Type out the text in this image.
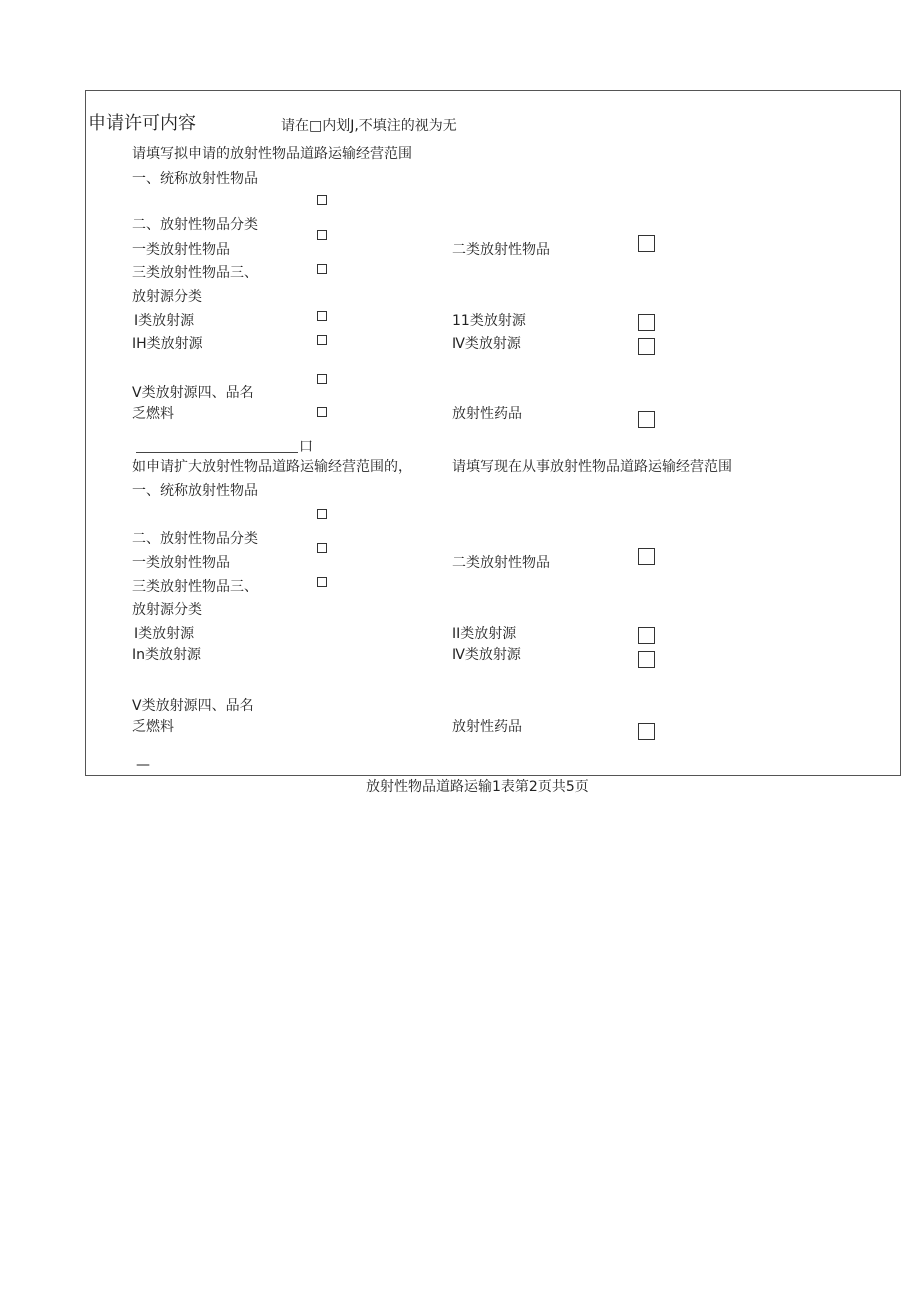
申请许可内容	请在□内划J,不填注的视为无
请填写拟申请的放射性物品道路运输经营范围
一、统称放射性物品
二、放射性物品分类
一类放射性物品	二类放射性物品
三类放射性物品三、
放射源分类
I类放射源	11类放射源
IH类放射源	Ⅳ类放射源
V类放射源四、品名
乏燃料	放射性药品
口
如申请扩大放射性物品道路运输经营范围的，	请填写现在从事放射性物品道路运输经营范围
一、统称放射性物品
二、放射性物品分类
一类放射性物品	二类放射性物品
三类放射性物品三、
放射源分类
I类放射源	II类放射源
In类放射源	Ⅳ类放射源
V类放射源四、品名
乏燃料	放射性药品
—
放射性物品道路运输1表第2页共5页
